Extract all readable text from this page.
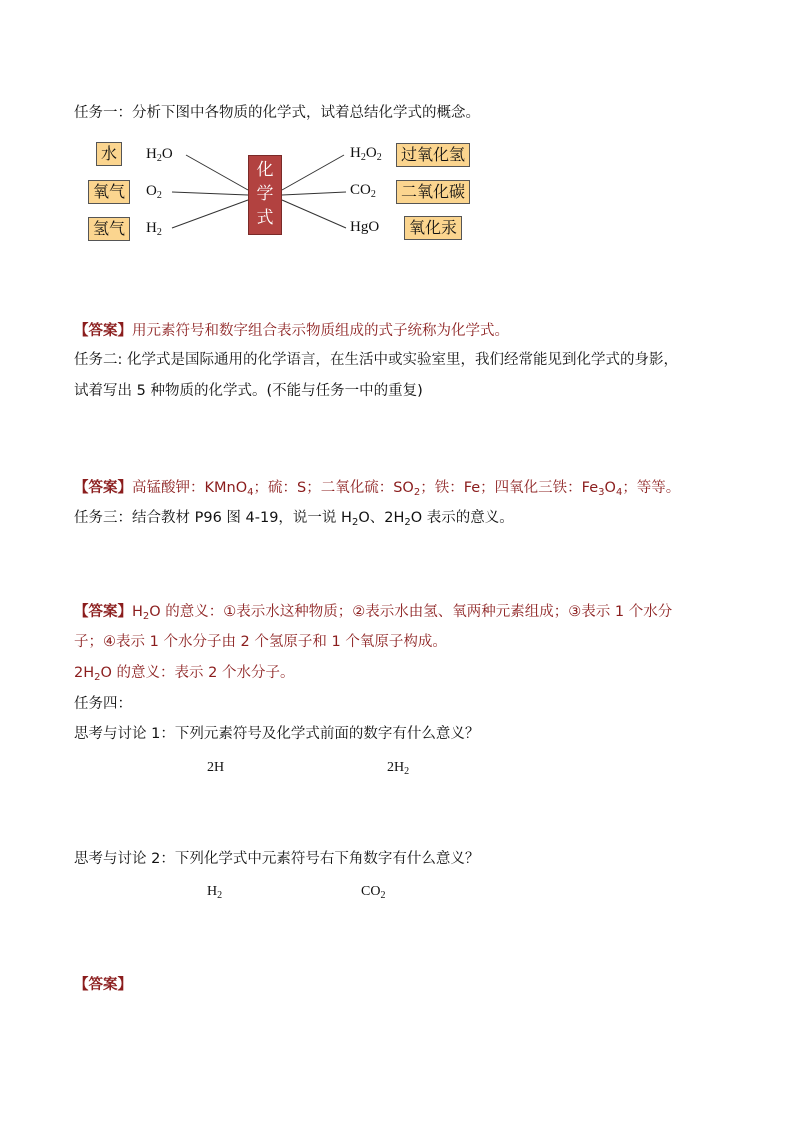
任务一：分析下图中各物质的化学式，试着总结化学式的概念。
水
氧气
氢气
$H_2O$
$O_2$
$H_2$
化
学
式
$H_2O_2$
$CO_2$
HgO
过氧化氢
二氧化碳
氧化汞
【答案】用元素符号和数字组合表示物质组成的式子统称为化学式。
任务二: 化学式是国际通用的化学语言，在生活中或实验室里，我们经常能见到化学式的身影，
试着写出 5 种物质的化学式。(不能与任务一中的重复)
【答案】高锰酸钾：KMnO$_4$；硫：S；二氧化硫：$SO_2$；铁：Fe；四氧化三铁：$Fe_3O_4$；等等。
任务三：结合教材 P96 图 4-19，说一说 $H_2O$、$2H_2O$ 表示的意义。
【答案】$H_2O$ 的意义：①表示水这种物质；②表示水由氢、氧两种元素组成；③表示 1 个水分
子；④表示 1 个水分子由 2 个氢原子和 1 个氧原子构成。
$2H_2O$ 的意义：表示 2 个水分子。
任务四：
思考与讨论 1：下列元素符号及化学式前面的数字有什么意义？
2H	$2H_2$
思考与讨论 2：下列化学式中元素符号右下角数字有什么意义？
$H_2$	$CO_2$
【答案】
